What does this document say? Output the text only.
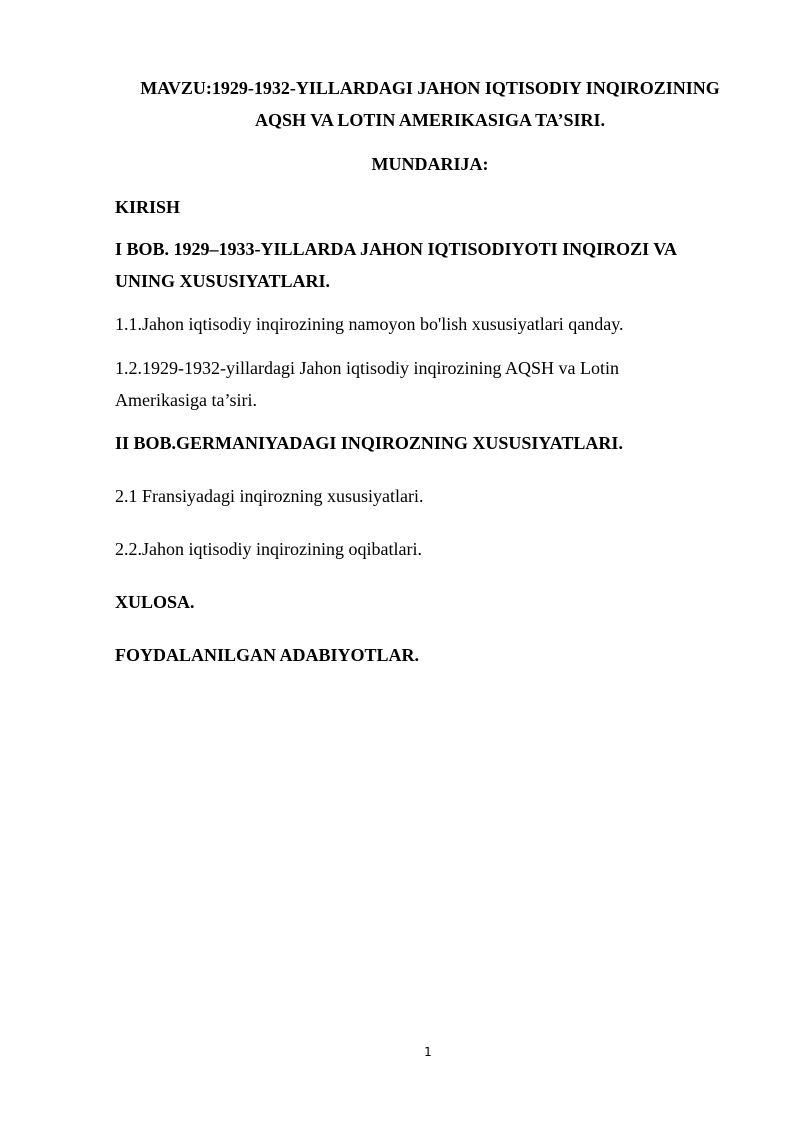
MAVZU:1929-1932-YILLARDAGI JAHON IQTISODIY INQIROZINING
AQSH VA LOTIN AMERIKASIGA TA’SIRI.
MUNDARIJA:
KIRISH
I BOB. 1929–1933-YILLARDA JAHON IQTISODIYOTI INQIROZI VA
UNING XUSUSIYATLARI.
1.1.Jahon iqtisodiy inqirozining namoyon bo'lish xususiyatlari qanday.
1.2.1929-1932-yillardagi Jahon iqtisodiy inqirozining AQSH va Lotin
Amerikasiga ta’siri.
II BOB.GERMANIYADAGI INQIROZNING XUSUSIYATLARI.
2.1 Fransiyadagi inqirozning xususiyatlari.
2.2.Jahon iqtisodiy inqirozining oqibatlari.
XULOSA.
FOYDALANILGAN ADABIYOTLAR.
1
